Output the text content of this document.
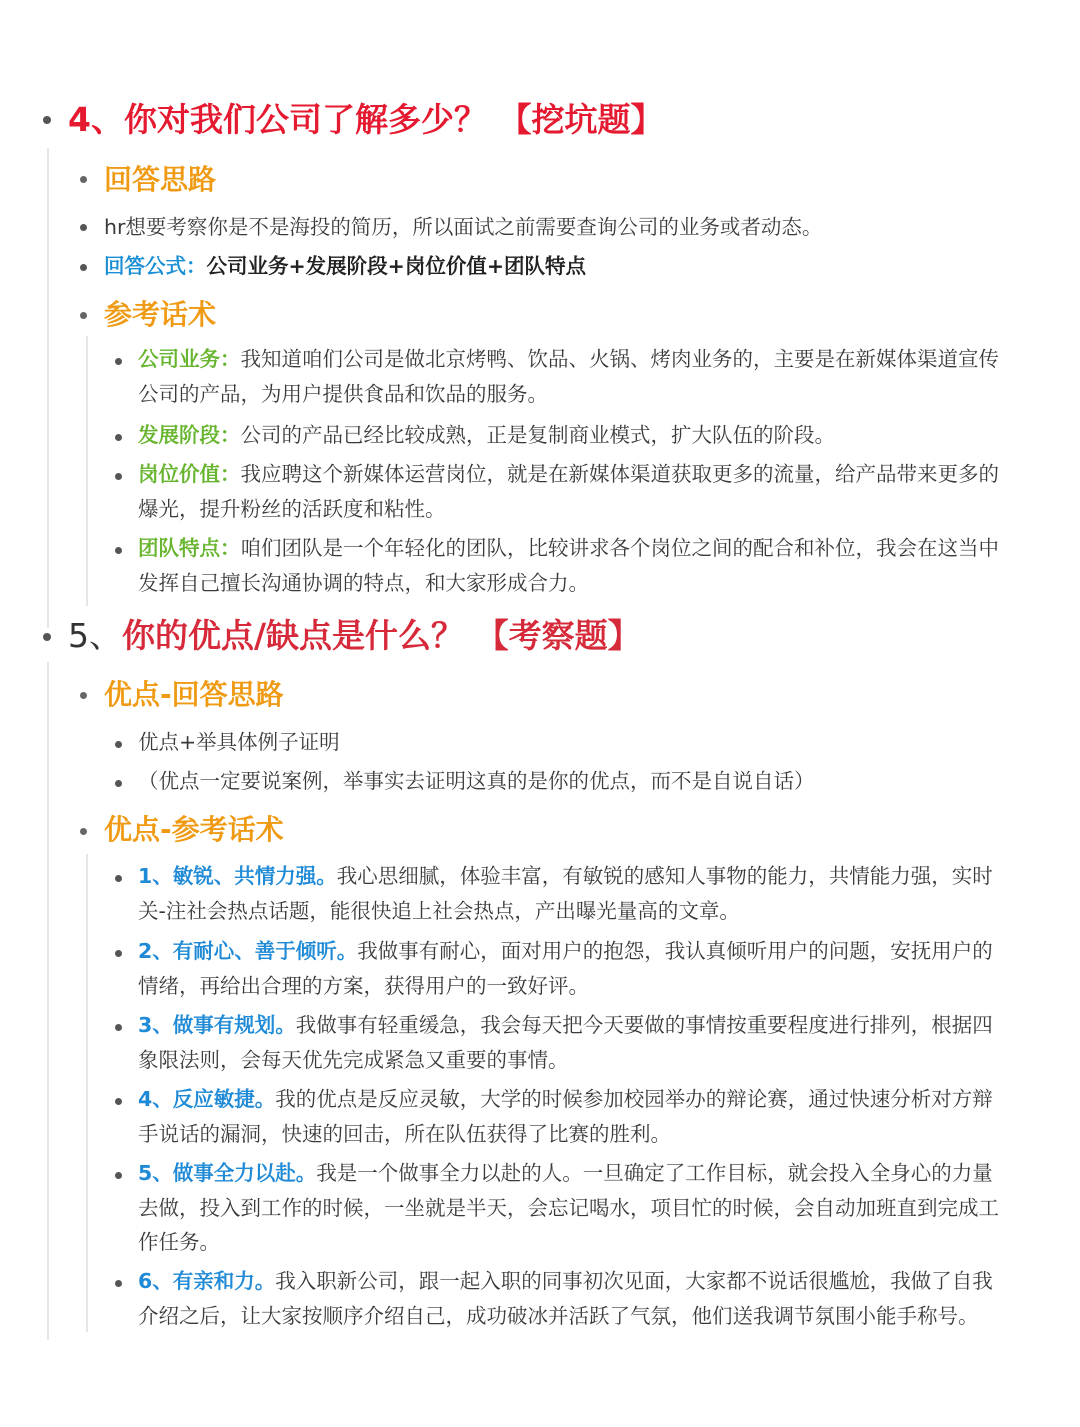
4、你对我们公司了解多少？ 【挖坑题】
回答思路
hr想要考察你是不是海投的简历，所以面试之前需要查询公司的业务或者动态。
回答公式：公司业务+发展阶段+岗位价值+团队特点
参考话术
公司业务：我知道咱们公司是做北京烤鸭、饮品、火锅、烤肉业务的，主要是在新媒体渠道宣传
公司的产品，为用户提供食品和饮品的服务。
发展阶段：公司的产品已经比较成熟，正是复制商业模式，扩大队伍的阶段。
岗位价值：我应聘这个新媒体运营岗位，就是在新媒体渠道获取更多的流量，给产品带来更多的
爆光，提升粉丝的活跃度和粘性。
团队特点：咱们团队是一个年轻化的团队，比较讲求各个岗位之间的配合和补位，我会在这当中
发挥自己擅长沟通协调的特点，和大家形成合力。
5、你的优点/缺点是什么？ 【考察题】
优点-回答思路
优点+举具体例子证明
（优点一定要说案例，举事实去证明这真的是你的优点，而不是自说自话）
优点-参考话术
1、敏锐、共情力强。我心思细腻，体验丰富，有敏锐的感知人事物的能力，共情能力强，实时
关-注社会热点话题，能很快追上社会热点，产出曝光量高的文章。
2、有耐心、善于倾听。我做事有耐心，面对用户的抱怨，我认真倾听用户的问题，安抚用户的
情绪，再给出合理的方案，获得用户的一致好评。
3、做事有规划。我做事有轻重缓急，我会每天把今天要做的事情按重要程度进行排列，根据四
象限法则，会每天优先完成紧急又重要的事情。
4、反应敏捷。我的优点是反应灵敏，大学的时候参加校园举办的辩论赛，通过快速分析对方辩
手说话的漏洞，快速的回击，所在队伍获得了比赛的胜利。
5、做事全力以赴。我是一个做事全力以赴的人。一旦确定了工作目标，就会投入全身心的力量
去做，投入到工作的时候，一坐就是半天，会忘记喝水，项目忙的时候，会自动加班直到完成工
作任务。
6、有亲和力。我入职新公司，跟一起入职的同事初次见面，大家都不说话很尴尬，我做了自我
介绍之后，让大家按顺序介绍自己，成功破冰并活跃了气氛，他们送我调节氛围小能手称号。
